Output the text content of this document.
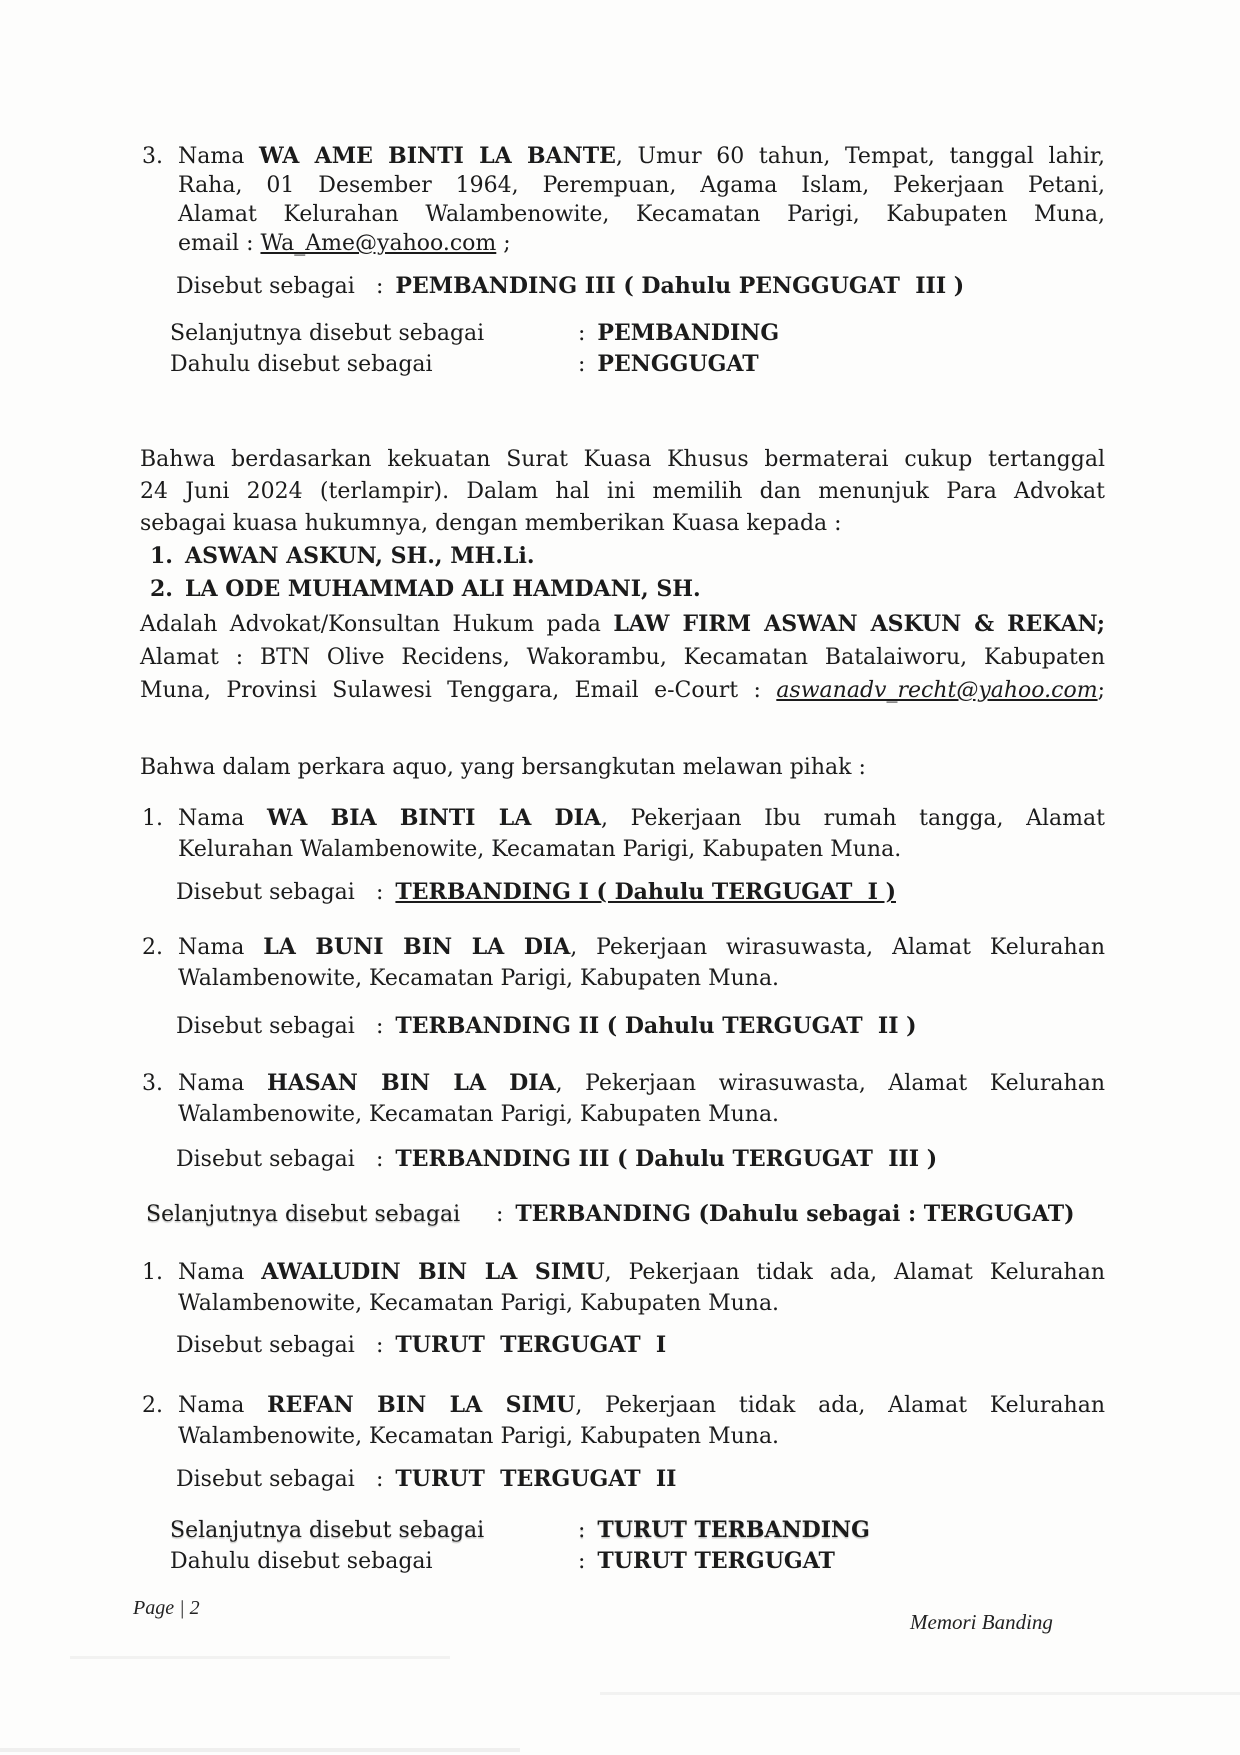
3. Nama WA AME BINTI LA BANTE, Umur 60 tahun, Tempat, tanggal lahir,
Raha, 01 Desember 1964, Perempuan, Agama Islam, Pekerjaan Petani,
Alamat Kelurahan Walambenowite, Kecamatan Parigi, Kabupaten Muna,
email : Wa_Ame@yahoo.com ;
Disebut sebagai : PEMBANDING III ( Dahulu PENGGUGAT  III )
Selanjutnya disebut sebagai	: PEMBANDING
Dahulu disebut sebagai	: PENGGUGAT
Bahwa berdasarkan kekuatan Surat Kuasa Khusus bermaterai cukup tertanggal
24 Juni 2024 (terlampir). Dalam hal ini memilih dan menunjuk Para Advokat
sebagai kuasa hukumnya, dengan memberikan Kuasa kepada :
1. ASWAN ASKUN, SH., MH.Li.
2. LA ODE MUHAMMAD ALI HAMDANI, SH.
Adalah Advokat/Konsultan Hukum pada LAW FIRM ASWAN ASKUN & REKAN;
Alamat : BTN Olive Recidens, Wakorambu, Kecamatan Batalaiworu, Kabupaten
Muna, Provinsi Sulawesi Tenggara, Email e-Court : aswanadv_recht@yahoo.com;
Bahwa dalam perkara aquo, yang bersangkutan melawan pihak :
1. Nama WA BIA BINTI LA DIA, Pekerjaan Ibu rumah tangga, Alamat
Kelurahan Walambenowite, Kecamatan Parigi, Kabupaten Muna.
Disebut sebagai : TERBANDING I ( Dahulu TERGUGAT  I )
2. Nama LA BUNI BIN LA DIA, Pekerjaan wirasuwasta, Alamat Kelurahan
Walambenowite, Kecamatan Parigi, Kabupaten Muna.
Disebut sebagai : TERBANDING II ( Dahulu TERGUGAT  II )
3. Nama HASAN BIN LA DIA, Pekerjaan wirasuwasta, Alamat Kelurahan
Walambenowite, Kecamatan Parigi, Kabupaten Muna.
Disebut sebagai : TERBANDING III ( Dahulu TERGUGAT  III )
Selanjutnya disebut sebagai : TERBANDING (Dahulu sebagai : TERGUGAT)
1. Nama AWALUDIN BIN LA SIMU, Pekerjaan tidak ada, Alamat Kelurahan
Walambenowite, Kecamatan Parigi, Kabupaten Muna.
Disebut sebagai : TURUT  TERGUGAT  I
2. Nama REFAN BIN LA SIMU, Pekerjaan tidak ada, Alamat Kelurahan
Walambenowite, Kecamatan Parigi, Kabupaten Muna.
Disebut sebagai : TURUT  TERGUGAT  II
Selanjutnya disebut sebagai	: TURUT TERBANDING
Dahulu disebut sebagai	: TURUT TERGUGAT
Page | 2
Memori Banding
